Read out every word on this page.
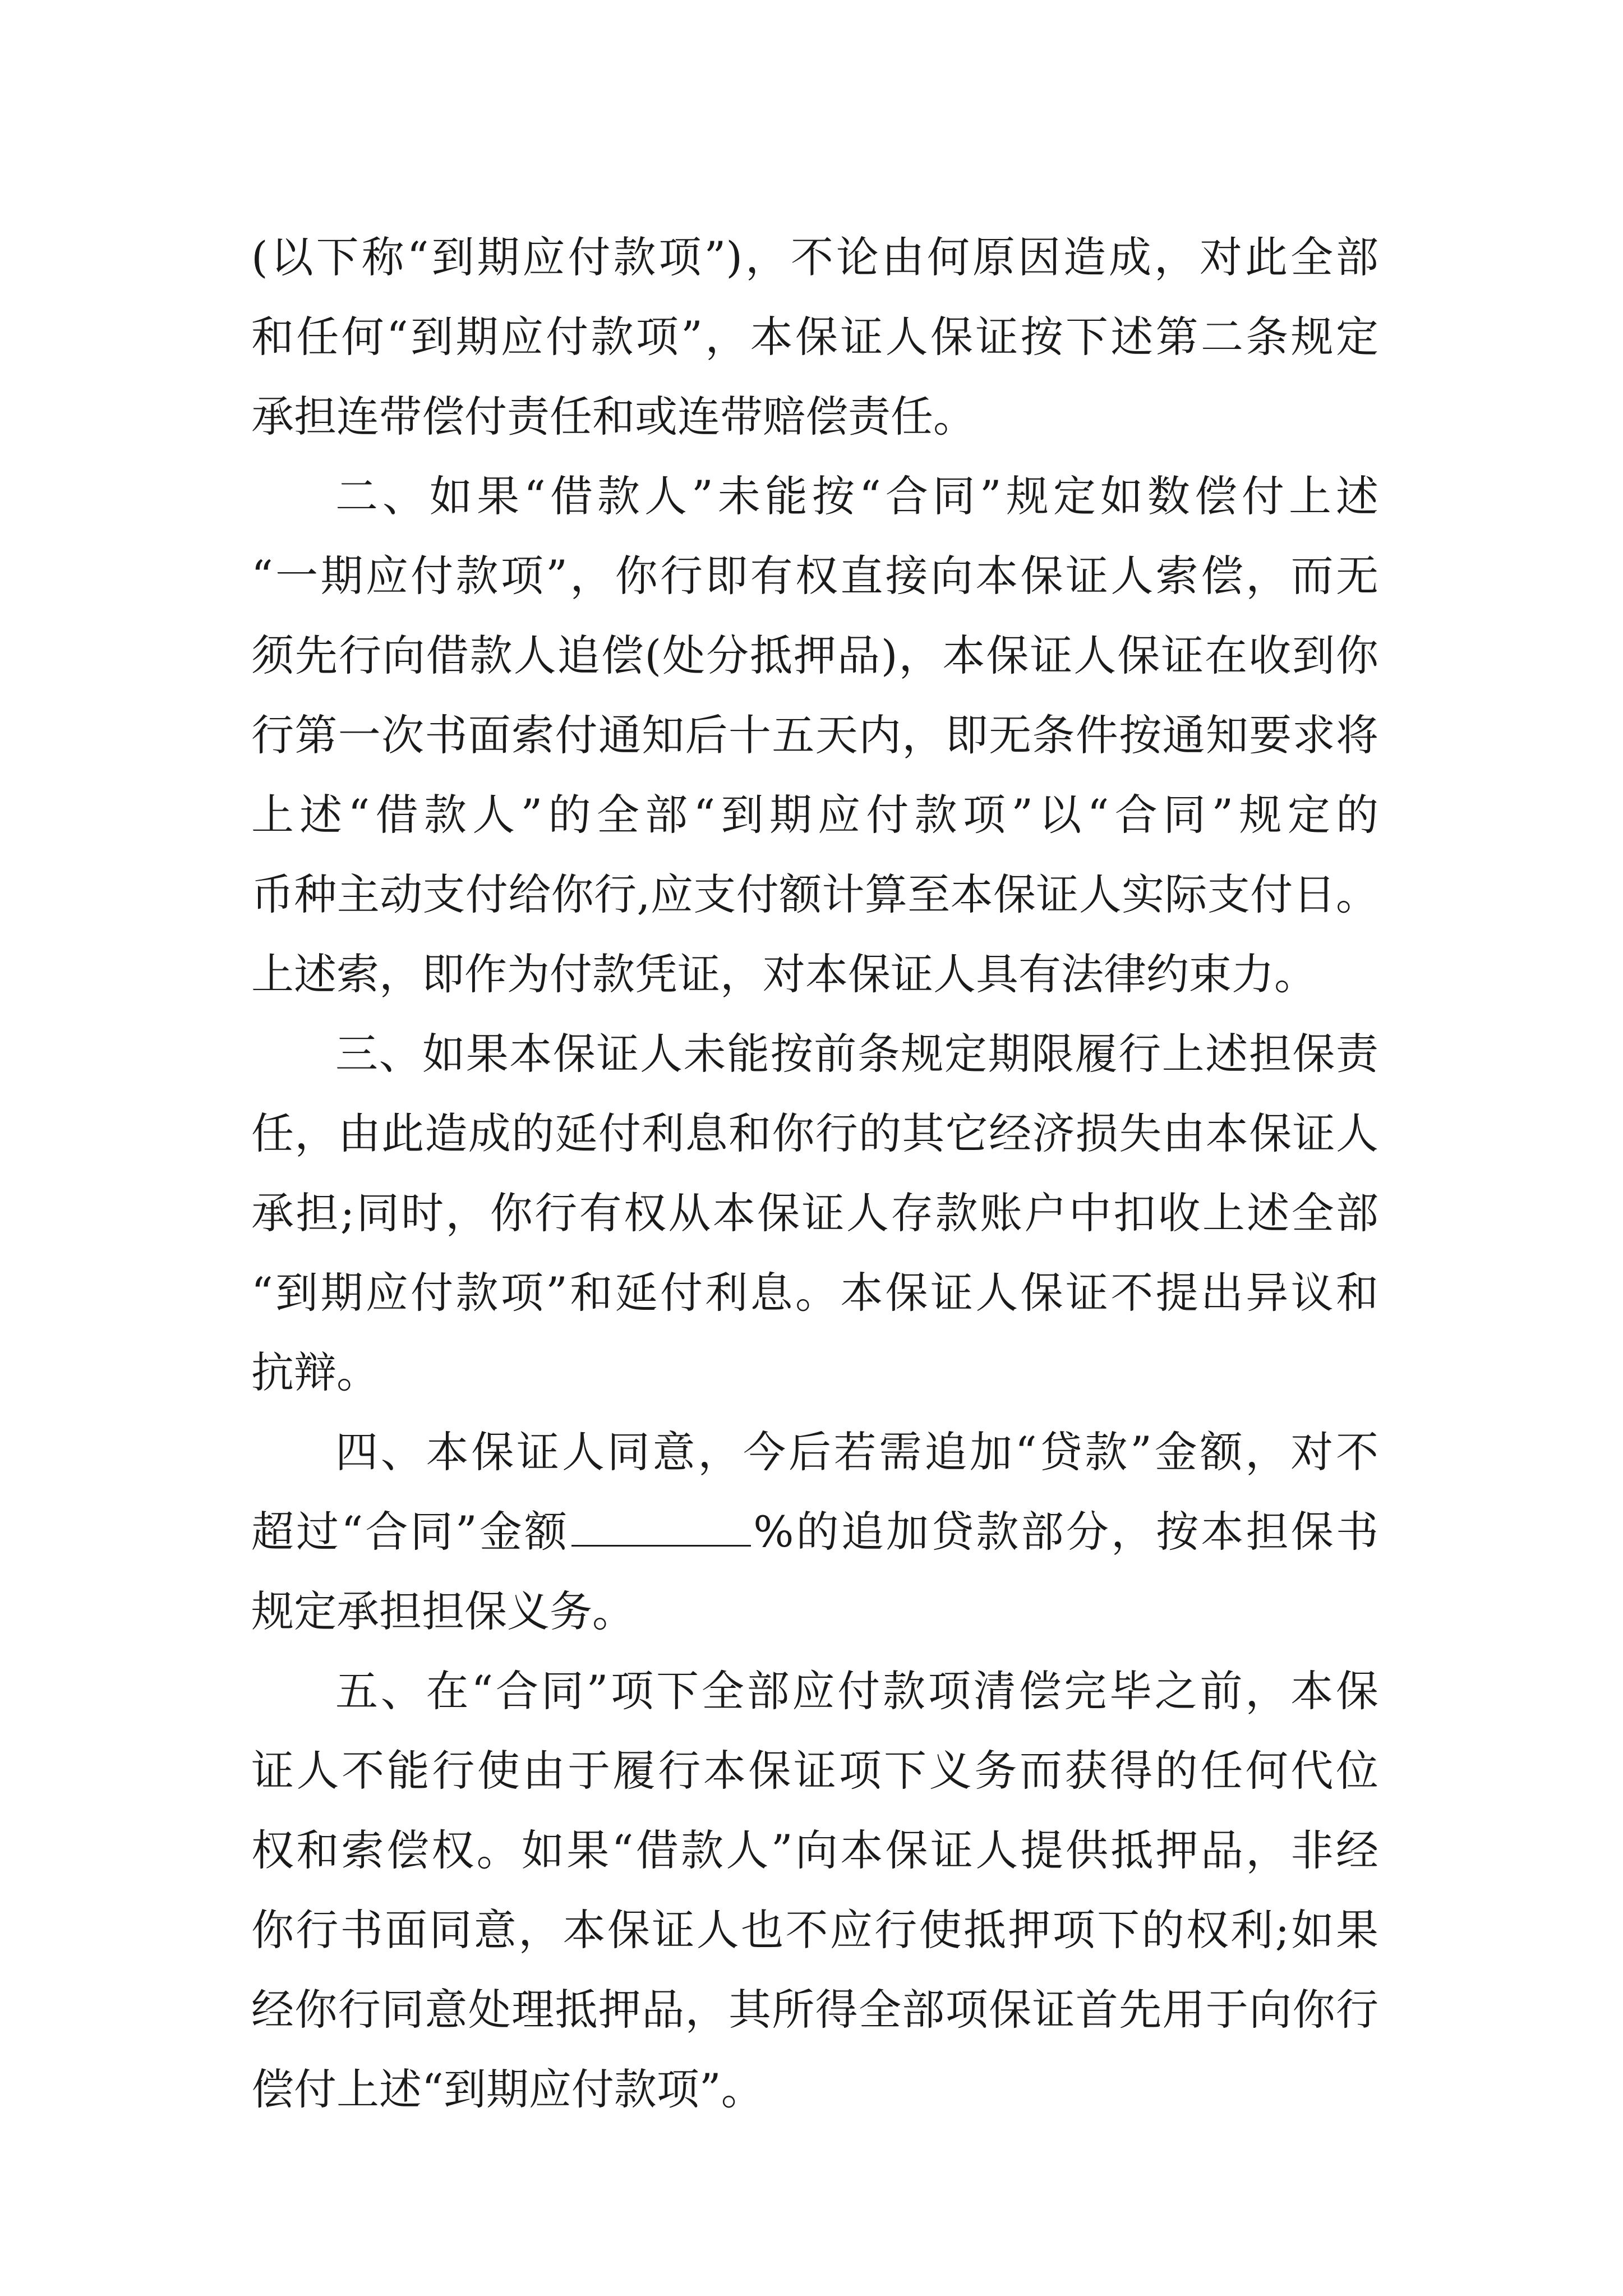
(以下称“到期应付款项”)，不论由何原因造成，对此全部
和任何“到期应付款项”，本保证人保证按下述第二条规定
承担连带偿付责任和或连带赔偿责任。
二、如果“借款人”未能按“合同”规定如数偿付上述
“一期应付款项”，你行即有权直接向本保证人索偿，而无
须先行向借款人追偿(处分抵押品)，本保证人保证在收到你
行第一次书面索付通知后十五天内，即无条件按通知要求将
上述“借款人”的全部“到期应付款项”以“合同”规定的
币种主动支付给你行,应支付额计算至本保证人实际支付日。
上述索，即作为付款凭证，对本保证人具有法律约束力。
三、如果本保证人未能按前条规定期限履行上述担保责
任，由此造成的延付利息和你行的其它经济损失由本保证人
承担;同时，你行有权从本保证人存款账户中扣收上述全部
“到期应付款项”和延付利息。本保证人保证不提出异议和
抗辩。
四、本保证人同意，今后若需追加“贷款”金额，对不
超过“合同”金额	%的追加贷款部分，按本担保书
规定承担担保义务。
五、在“合同”项下全部应付款项清偿完毕之前，本保
证人不能行使由于履行本保证项下义务而获得的任何代位
权和索偿权。如果“借款人”向本保证人提供抵押品，非经
你行书面同意，本保证人也不应行使抵押项下的权利;如果
经你行同意处理抵押品，其所得全部项保证首先用于向你行
偿付上述“到期应付款项”。
